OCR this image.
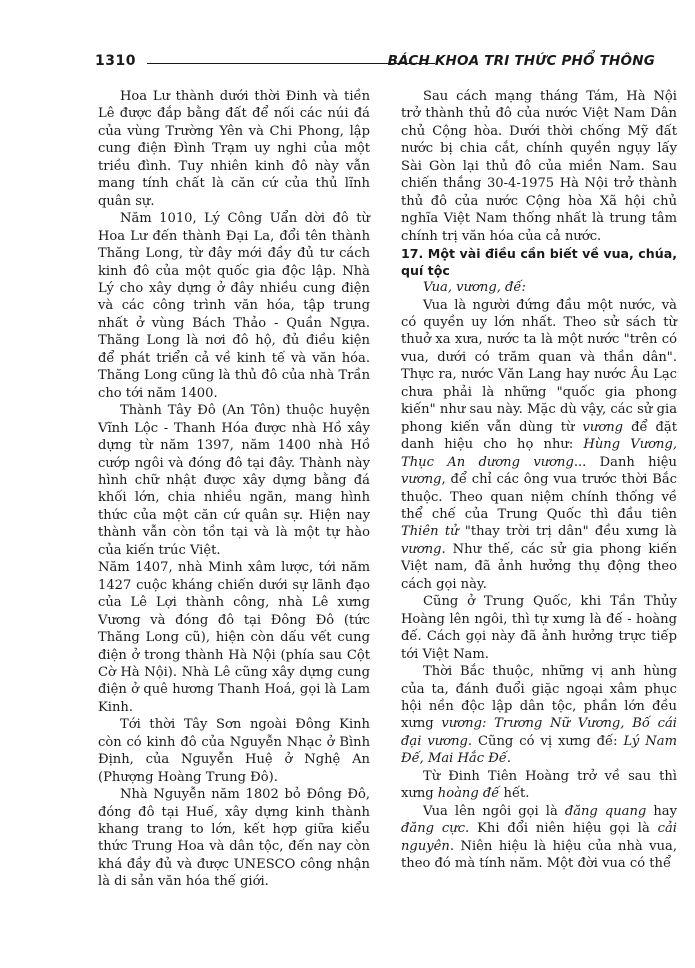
1310	BÁCH KHOA TRI THỨC PHỔ THÔNG

Hoa Lư thành dưới thời Đinh và tiền Lê được đắp bằng đất để nối các núi đá của vùng Trường Yên và Chi Phong, lập cung điện Đình Trạm uy nghi của một triều đình. Tuy nhiên kinh đô này vẫn mang tính chất là căn cứ của thủ lĩnh quân sự.

Năm 1010, Lý Công Uẩn dời đô từ Hoa Lư đến thành Đại La, đổi tên thành Thăng Long, từ đây mới đầy đủ tư cách kinh đô của một quốc gia độc lập. Nhà Lý cho xây dựng ở đây nhiều cung điện và các công trình văn hóa, tập trung nhất ở vùng Bách Thảo - Quần Ngựa. Thăng Long là nơi đô hộ, đủ điều kiện để phát triển cả về kinh tế và văn hóa. Thăng Long cũng là thủ đô của nhà Trần cho tới năm 1400.

Thành Tây Đô (An Tôn) thuộc huyện Vĩnh Lộc - Thanh Hóa được nhà Hồ xây dựng từ năm 1397, năm 1400 nhà Hồ cướp ngôi và đóng đô tại đây. Thành này hình chữ nhật được xây dựng bằng đá khối lớn, chia nhiều ngăn, mang hình thức của một căn cứ quân sự. Hiện nay thành vẫn còn tồn tại và là một tự hào của kiến trúc Việt.

Năm 1407, nhà Minh xâm lược, tới năm 1427 cuộc kháng chiến dưới sự lãnh đạo của Lê Lợi thành công, nhà Lê xưng Vương và đóng đô tại Đông Đô (tức Thăng Long cũ), hiện còn dấu vết cung điện ở trong thành Hà Nội (phía sau Cột Cờ Hà Nội). Nhà Lê cũng xây dựng cung điện ở quê hương Thanh Hoá, gọi là Lam Kinh.

Tới thời Tây Sơn ngoài Đông Kinh còn có kinh đô của Nguyễn Nhạc ở Bình Định, của Nguyễn Huệ ở Nghệ An (Phượng Hoàng Trung Đô).

Nhà Nguyễn năm 1802 bỏ Đông Đô, đóng đô tại Huế, xây dựng kinh thành khang trang to lớn, kết hợp giữa kiểu thức Trung Hoa và dân tộc, đến nay còn khá đầy đủ và được UNESCO công nhận là di sản văn hóa thế giới.

Sau cách mạng tháng Tám, Hà Nội trở thành thủ đô của nước Việt Nam Dân chủ Cộng hòa. Dưới thời chống Mỹ đất nước bị chia cắt, chính quyền ngụy lấy Sài Gòn lại thủ đô của miền Nam. Sau chiến thắng 30-4-1975 Hà Nội trở thành thủ đô của nước Cộng hòa Xã hội chủ nghĩa Việt Nam thống nhất là trung tâm chính trị văn hóa của cả nước.

17. Một vài điều cần biết về vua, chúa, quí tộc

Vua, vương, đế:

Vua là người đứng đầu một nước, và có quyền uy lớn nhất. Theo sử sách từ thuở xa xưa, nước ta là một nước "trên có vua, dưới có trăm quan và thần dân". Thực ra, nước Văn Lang hay nước Âu Lạc chưa phải là những "quốc gia phong kiến" như sau này. Mặc dù vậy, các sử gia phong kiến vẫn dùng từ vương để đặt danh hiệu cho họ như: Hùng Vương, Thục An dương vương... Danh hiệu vương, để chỉ các ông vua trước thời Bắc thuộc. Theo quan niệm chính thống về thể chế của Trung Quốc thì đầu tiên Thiên tử "thay trời trị dân" đều xưng là vương. Như thế, các sử gia phong kiến Việt nam, đã ảnh hưởng thụ động theo cách gọi này.

Cũng ở Trung Quốc, khi Tần Thủy Hoàng lên ngôi, thì tự xưng là đế - hoàng đế. Cách gọi này đã ảnh hưởng trực tiếp tới Việt Nam.

Thời Bắc thuộc, những vị anh hùng của ta, đánh đuổi giặc ngoại xâm phục hội nền độc lập dân tộc, phần lớn đều xưng vương: Trương Nữ Vương, Bố cái đại vương. Cũng có vị xưng đế: Lý Nam Đế, Mai Hắc Đế.

Từ Đinh Tiên Hoàng trở về sau thì xưng hoàng đế hết.

Vua lên ngôi gọi là đăng quang hay đăng cực. Khi đổi niên hiệu gọi là cải nguyên. Niên hiệu là hiệu của nhà vua, theo đó mà tính năm. Một đời vua có thể
